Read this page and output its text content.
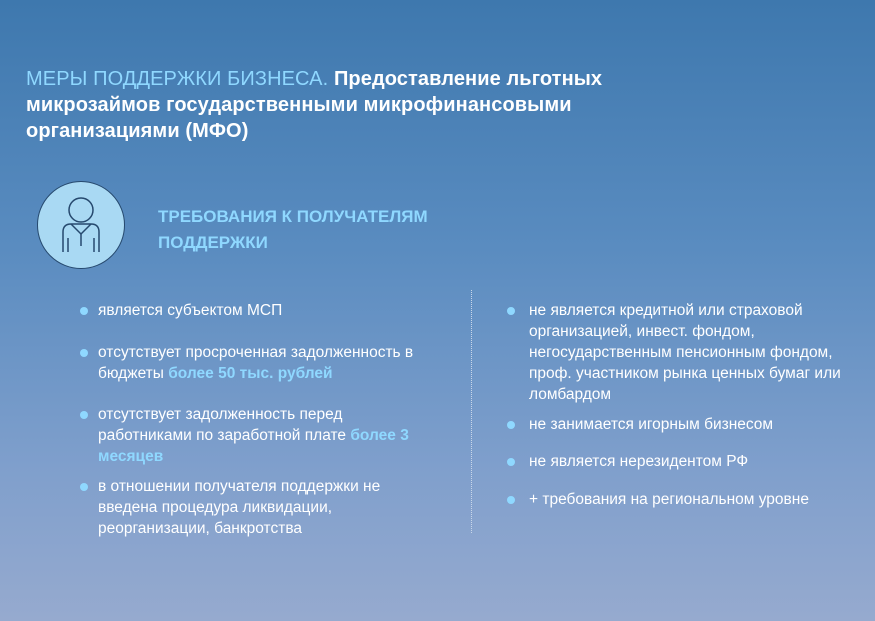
МЕРЫ ПОДДЕРЖКИ БИЗНЕСА. Предоставление льготных микрозаймов государственными микрофинансовыми организациями (МФО)
ТРЕБОВАНИЯ К ПОЛУЧАТЕЛЯМ ПОДДЕРЖКИ
является субъектом МСП
отсутствует просроченная задолженность в бюджеты более 50 тыс. рублей
отсутствует задолженность перед работниками по заработной плате более 3 месяцев
в отношении получателя поддержки не введена процедура ликвидации, реорганизации, банкротства
не является кредитной или страховой организацией, инвест. фондом, негосударственным пенсионным фондом, проф. участником рынка ценных бумаг или ломбардом
не занимается игорным бизнесом
не является нерезидентом РФ
+ требования на региональном уровне
